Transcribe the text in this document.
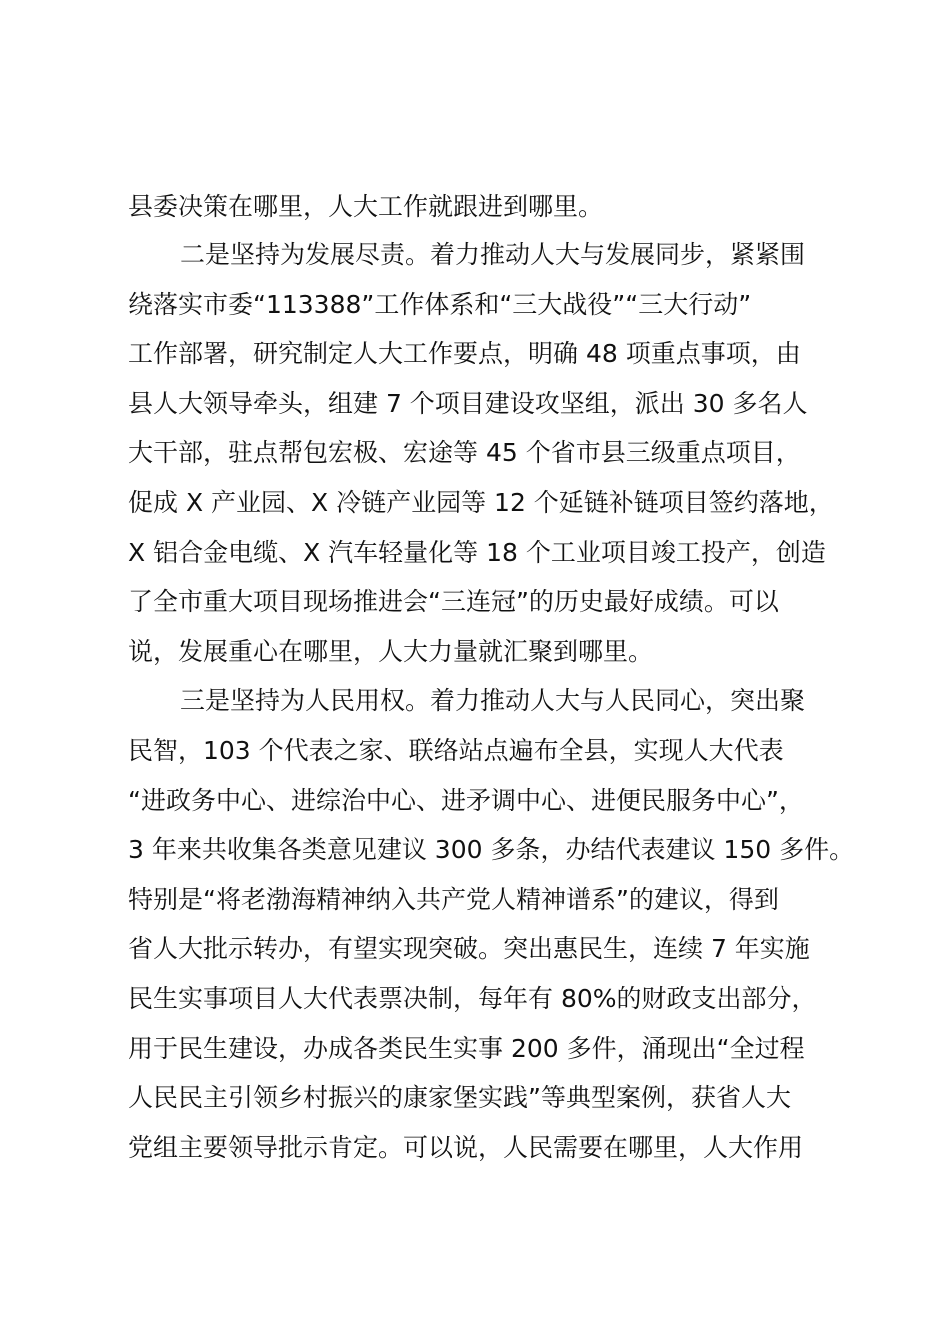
县委决策在哪里，人大工作就跟进到哪里。
二是坚持为发展尽责。着力推动人大与发展同步，紧紧围
绕落实市委“113388”工作体系和“三大战役”“三大行动”
工作部署，研究制定人大工作要点，明确 48 项重点事项，由
县人大领导牵头，组建 7 个项目建设攻坚组，派出 30 多名人
大干部，驻点帮包宏极、宏途等 45 个省市县三级重点项目，
促成 X 产业园、X 冷链产业园等 12 个延链补链项目签约落地，
X 铝合金电缆、X 汽车轻量化等 18 个工业项目竣工投产，创造
了全市重大项目现场推进会“三连冠”的历史最好成绩。可以
说，发展重心在哪里，人大力量就汇聚到哪里。
三是坚持为人民用权。着力推动人大与人民同心，突出聚
民智，103 个代表之家、联络站点遍布全县，实现人大代表
“进政务中心、进综治中心、进矛调中心、进便民服务中心”，
3 年来共收集各类意见建议 300 多条，办结代表建议 150 多件。
特别是“将老渤海精神纳入共产党人精神谱系”的建议，得到
省人大批示转办，有望实现突破。突出惠民生，连续 7 年实施
民生实事项目人大代表票决制，每年有 80%的财政支出部分，
用于民生建设，办成各类民生实事 200 多件，涌现出“全过程
人民民主引领乡村振兴的康家堡实践”等典型案例，获省人大
党组主要领导批示肯定。可以说，人民需要在哪里，人大作用
